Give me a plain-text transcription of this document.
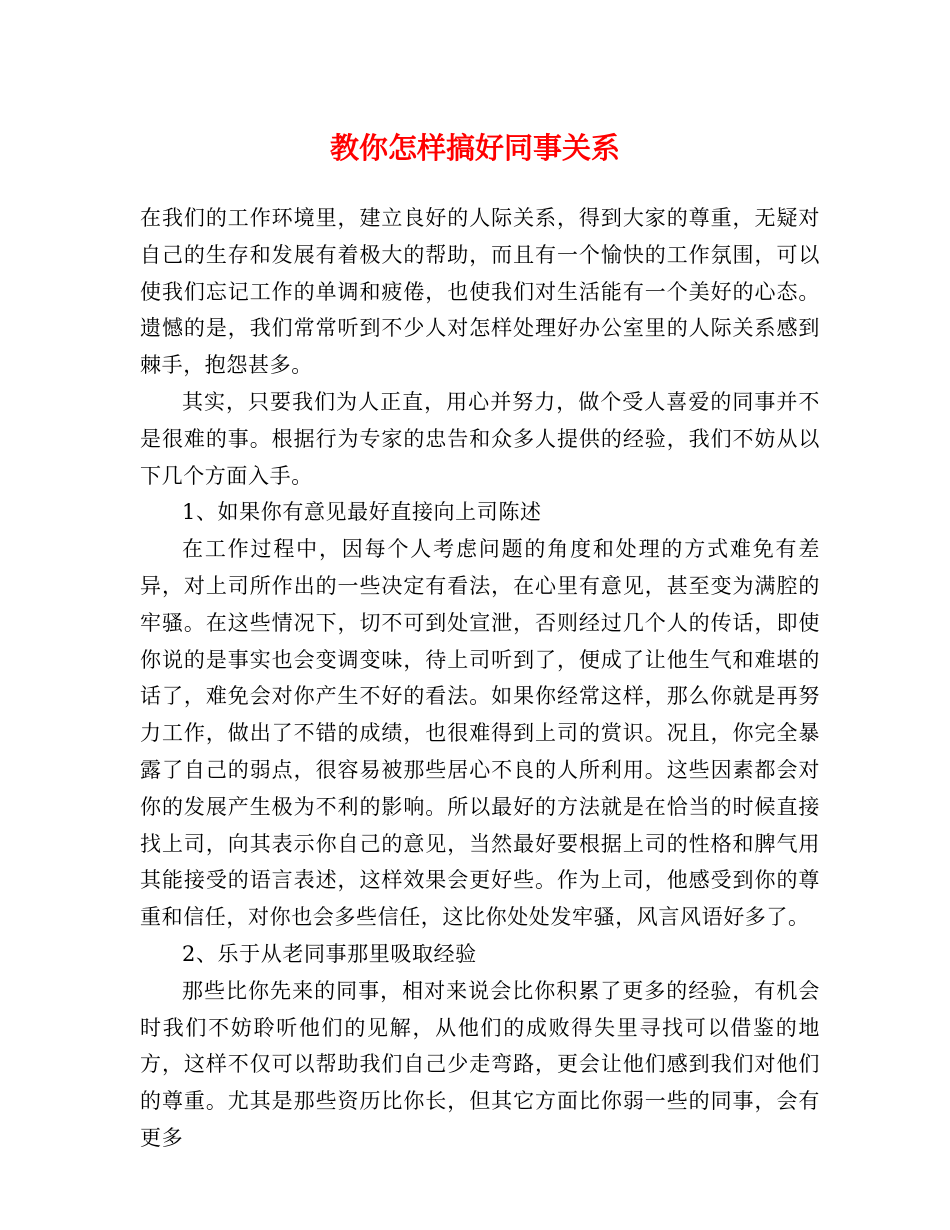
教你怎样搞好同事关系

在我们的工作环境里，建立良好的人际关系，得到大家的尊重，无疑对自己的生存和发展有着极大的帮助，而且有一个愉快的工作氛围，可以使我们忘记工作的单调和疲倦，也使我们对生活能有一个美好的心态。遗憾的是，我们常常听到不少人对怎样处理好办公室里的人际关系感到棘手，抱怨甚多。

其实，只要我们为人正直，用心并努力，做个受人喜爱的同事并不是很难的事。根据行为专家的忠告和众多人提供的经验，我们不妨从以下几个方面入手。

1、如果你有意见最好直接向上司陈述

在工作过程中，因每个人考虑问题的角度和处理的方式难免有差异，对上司所作出的一些决定有看法，在心里有意见，甚至变为满腔的牢骚。在这些情况下，切不可到处宣泄，否则经过几个人的传话，即使你说的是事实也会变调变味，待上司听到了，便成了让他生气和难堪的话了，难免会对你产生不好的看法。如果你经常这样，那么你就是再努力工作，做出了不错的成绩，也很难得到上司的赏识。况且，你完全暴露了自己的弱点，很容易被那些居心不良的人所利用。这些因素都会对你的发展产生极为不利的影响。所以最好的方法就是在恰当的时候直接找上司，向其表示你自己的意见，当然最好要根据上司的性格和脾气用其能接受的语言表述，这样效果会更好些。作为上司，他感受到你的尊重和信任，对你也会多些信任，这比你处处发牢骚，风言风语好多了。

2、乐于从老同事那里吸取经验

那些比你先来的同事，相对来说会比你积累了更多的经验，有机会时我们不妨聆听他们的见解，从他们的成败得失里寻找可以借鉴的地方，这样不仅可以帮助我们自己少走弯路，更会让他们感到我们对他们的尊重。尤其是那些资历比你长，但其它方面比你弱一些的同事，会有更多
